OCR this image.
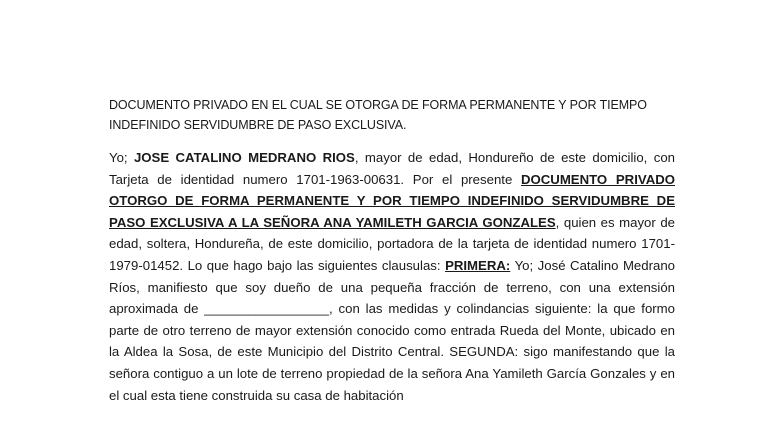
DOCUMENTO PRIVADO EN EL CUAL SE OTORGA DE FORMA PERMANENTE Y POR TIEMPO INDEFINIDO SERVIDUMBRE DE PASO EXCLUSIVA.

Yo; JOSE CATALINO MEDRANO RIOS, mayor de edad, Hondureño de este domicilio, con Tarjeta de identidad numero 1701-1963-00631. Por el presente DOCUMENTO PRIVADO OTORGO DE FORMA PERMANENTE Y POR TIEMPO INDEFINIDO SERVIDUMBRE DE PASO EXCLUSIVA A LA SEÑORA ANA YAMILETH GARCIA GONZALES, quien es mayor de edad, soltera, Hondureña, de este domicilio, portadora de la tarjeta de identidad numero 1701-1979-01452. Lo que hago bajo las siguientes clausulas: PRIMERA: Yo; José Catalino Medrano Ríos, manifiesto que soy dueño de una pequeña fracción de terreno, con una extensión aproximada de _________________, con las medidas y colindancias siguiente: la que formo parte de otro terreno de mayor extensión conocido como entrada Rueda del Monte, ubicado en la Aldea la Sosa, de este Municipio del Distrito Central. SEGUNDA: sigo manifestando que la señora contiguo a un lote de terreno propiedad de la señora Ana Yamileth García Gonzales y en el cual esta tiene construida su casa de habitación
